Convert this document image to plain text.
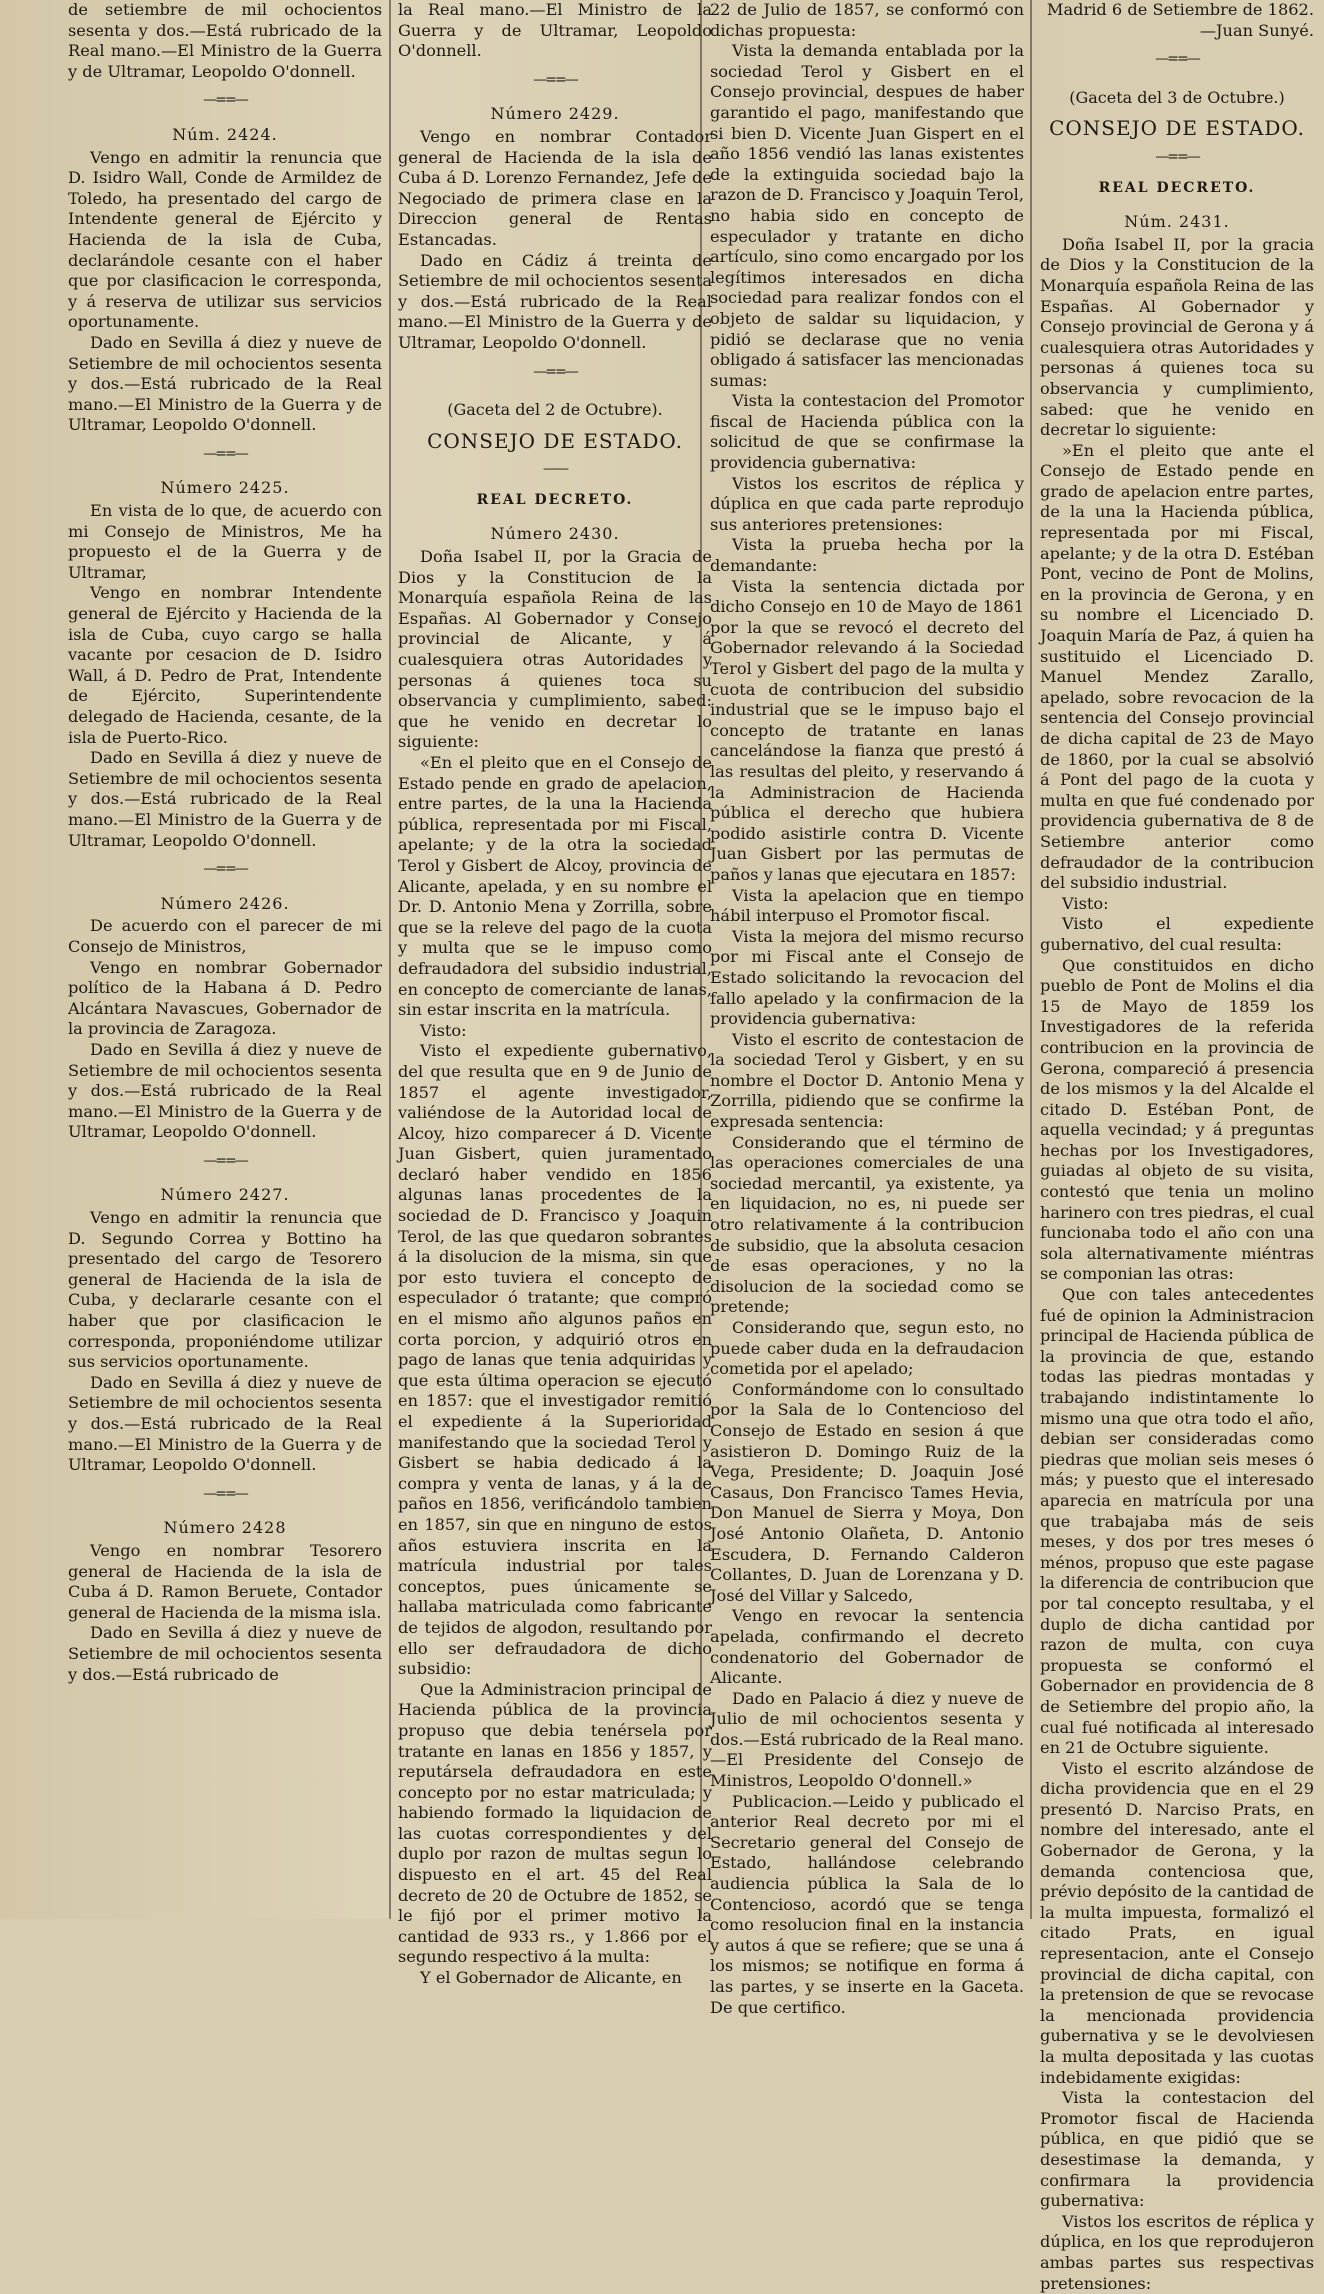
de setiembre de mil ochocientos sesenta y dos.—Está rubricado de la Real mano.—El Ministro de la Guerra y de Ultramar, Leopoldo O'donnell.

—==—
Núm. 2424.

Vengo en admitir la renuncia que D. Isidro Wall, Conde de Armildez de Toledo, ha presentado del cargo de Intendente general de Ejército y Hacienda de la isla de Cuba, declarándole cesante con el haber que por clasificacion le corresponda, y á reserva de utilizar sus servicios oportunamente.

Dado en Sevilla á diez y nueve de Setiembre de mil ochocientos sesenta y dos.—Está rubricado de la Real mano.—El Ministro de la Guerra y de Ultramar, Leopoldo O'donnell.

—==—
Número 2425.

En vista de lo que, de acuerdo con mi Consejo de Ministros, Me ha propuesto el de la Guerra y de Ultramar,

Vengo en nombrar Intendente general de Ejército y Hacienda de la isla de Cuba, cuyo cargo se halla vacante por cesacion de D. Isidro Wall, á D. Pedro de Prat, Intendente de Ejército, Superintendente delegado de Hacienda, cesante, de la isla de Puerto-Rico.

Dado en Sevilla á diez y nueve de Setiembre de mil ochocientos sesenta y dos.—Está rubricado de la Real mano.—El Ministro de la Guerra y de Ultramar, Leopoldo O'donnell.

—==—
Número 2426.

De acuerdo con el parecer de mi Consejo de Ministros,

Vengo en nombrar Gobernador político de la Habana á D. Pedro Alcántara Navascues, Gobernador de la provincia de Zaragoza.

Dado en Sevilla á diez y nueve de Setiembre de mil ochocientos sesenta y dos.—Está rubricado de la Real mano.—El Ministro de la Guerra y de Ultramar, Leopoldo O'donnell.

—==—
Número 2427.

Vengo en admitir la renuncia que D. Segundo Correa y Bottino ha presentado del cargo de Tesorero general de Hacienda de la isla de Cuba, y declararle cesante con el haber que por clasificacion le corresponda, proponiéndome utilizar sus servicios oportunamente.

Dado en Sevilla á diez y nueve de Setiembre de mil ochocientos sesenta y dos.—Está rubricado de la Real mano.—El Ministro de la Guerra y de Ultramar, Leopoldo O'donnell.

—==—
Número 2428

Vengo en nombrar Tesorero general de Hacienda de la isla de Cuba á D. Ramon Beruete, Contador general de Hacienda de la misma isla.

Dado en Sevilla á diez y nueve de Setiembre de mil ochocientos sesenta y dos.—Está rubricado de

la Real mano.—El Ministro de la Guerra y de Ultramar, Leopoldo O'donnell.

—==—
Número 2429.

Vengo en nombrar Contador general de Hacienda de la isla de Cuba á D. Lorenzo Fernandez, Jefe de Negociado de primera clase en la Direccion general de Rentas Estancadas.

Dado en Cádiz á treinta de Setiembre de mil ochocientos sesenta y dos.—Está rubricado de la Real mano.—El Ministro de la Guerra y de Ultramar, Leopoldo O'donnell.

—==—
(Gaceta del 2 de Octubre).
CONSEJO DE ESTADO.
——
REAL DECRETO.
Número 2430.

Doña Isabel II, por la Gracia de Dios y la Constitucion de la Monarquía española Reina de las Españas. Al Gobernador y Consejo provincial de Alicante, y á cualesquiera otras Autoridades y personas á quienes toca su observancia y cumplimiento, sabed: que he venido en decretar lo siguiente:

«En el pleito que en el Consejo de Estado pende en grado de apelacion, entre partes, de la una la Hacienda pública, representada por mi Fiscal, apelante; y de la otra la sociedad Terol y Gisbert de Alcoy, provincia de Alicante, apelada, y en su nombre el Dr. D. Antonio Mena y Zorrilla, sobre que se la releve del pago de la cuota y multa que se le impuso como defraudadora del subsidio industrial, en concepto de comerciante de lanas, sin estar inscrita en la matrícula.

Visto:

Visto el expediente gubernativo, del que resulta que en 9 de Junio de 1857 el agente investigador, valiéndose de la Autoridad local de Alcoy, hizo comparecer á D. Vicente Juan Gisbert, quien juramentado declaró haber vendido en 1856 algunas lanas procedentes de la sociedad de D. Francisco y Joaquin Terol, de las que quedaron sobrantes á la disolucion de la misma, sin que por esto tuviera el concepto de especulador ó tratante; que compró en el mismo año algunos paños en corta porcion, y adquirió otros en pago de lanas que tenia adquiridas y que esta última operacion se ejecutó en 1857: que el investigador remitió el expediente á la Superioridad manifestando que la sociedad Terol y Gisbert se habia dedicado á la compra y venta de lanas, y á la de paños en 1856, verificándolo tambien en 1857, sin que en ninguno de estos años estuviera inscrita en la matrícula industrial por tales conceptos, pues únicamente se hallaba matriculada como fabricante de tejidos de algodon, resultando por ello ser defraudadora de dicho subsidio:

Que la Administracion principal de Hacienda pública de la provincia propuso que debia tenérsela por tratante en lanas en 1856 y 1857, y reputársela defraudadora en este concepto por no estar matriculada; y habiendo formado la liquidacion de las cuotas correspondientes y del duplo por razon de multas segun lo dispuesto en el art. 45 del Real decreto de 20 de Octubre de 1852, se le fijó por el primer motivo la cantidad de 933 rs., y 1.866 por el segundo respectivo á la multa:

Y el Gobernador de Alicante, en

22 de Julio de 1857, se conformó con dichas propuesta:

Vista la demanda entablada por la sociedad Terol y Gisbert en el Consejo provincial, despues de haber garantido el pago, manifestando que si bien D. Vicente Juan Gispert en el año 1856 vendió las lanas existentes de la extinguida sociedad bajo la razon de D. Francisco y Joaquin Terol, no habia sido en concepto de especulador y tratante en dicho artículo, sino como encargado por los legítimos interesados en dicha sociedad para realizar fondos con el objeto de saldar su liquidacion, y pidió se declarase que no venia obligado á satisfacer las mencionadas sumas:

Vista la contestacion del Promotor fiscal de Hacienda pública con la solicitud de que se confirmase la providencia gubernativa:

Vistos los escritos de réplica y dúplica en que cada parte reprodujo sus anteriores pretensiones:

Vista la prueba hecha por la demandante:

Vista la sentencia dictada por dicho Consejo en 10 de Mayo de 1861 por la que se revocó el decreto del Gobernador relevando á la Sociedad Terol y Gisbert del pago de la multa y cuota de contribucion del subsidio industrial que se le impuso bajo el concepto de tratante en lanas cancelándose la fianza que prestó á las resultas del pleito, y reservando á la Administracion de Hacienda pública el derecho que hubiera podido asistirle contra D. Vicente Juan Gisbert por las permutas de paños y lanas que ejecutara en 1857:

Vista la apelacion que en tiempo hábil interpuso el Promotor fiscal.

Vista la mejora del mismo recurso por mi Fiscal ante el Consejo de Estado solicitando la revocacion del fallo apelado y la confirmacion de la providencia gubernativa:

Visto el escrito de contestacion de la sociedad Terol y Gisbert, y en su nombre el Doctor D. Antonio Mena y Zorrilla, pidiendo que se confirme la expresada sentencia:

Considerando que el término de las operaciones comerciales de una sociedad mercantil, ya existente, ya en liquidacion, no es, ni puede ser otro relativamente á la contribucion de subsidio, que la absoluta cesacion de esas operaciones, y no la disolucion de la sociedad como se pretende;

Considerando que, segun esto, no puede caber duda en la defraudacion cometida por el apelado;

Conformándome con lo consultado por la Sala de lo Contencioso del Consejo de Estado en sesion á que asistieron D. Domingo Ruiz de la Vega, Presidente; D. Joaquin José Casaus, Don Francisco Tames Hevia, Don Manuel de Sierra y Moya, Don José Antonio Olañeta, D. Antonio Escudera, D. Fernando Calderon Collantes, D. Juan de Lorenzana y D. José del Villar y Salcedo,

Vengo en revocar la sentencia apelada, confirmando el decreto condenatorio del Gobernador de Alicante.

Dado en Palacio á diez y nueve de Julio de mil ochocientos sesenta y dos.—Está rubricado de la Real mano.—El Presidente del Consejo de Ministros, Leopoldo O'donnell.»

Publicacion.—Leido y publicado el anterior Real decreto por mi el Secretario general del Consejo de Estado, hallándose celebrando audiencia pública la Sala de lo Contencioso, acordó que se tenga como resolucion final en la instancia y autos á que se refiere; que se una á los mismos; se notifique en forma á las partes, y se inserte en la Gaceta. De que certifico.

Madrid 6 de Setiembre de 1862.—Juan Sunyé.

—==—
(Gaceta del 3 de Octubre.)
CONSEJO DE ESTADO.
—==—
REAL DECRETO.
Núm. 2431.

Doña Isabel II, por la gracia de Dios y la Constitucion de la Monarquía española Reina de las Españas. Al Gobernador y Consejo provincial de Gerona y á cualesquiera otras Autoridades y personas á quienes toca su observancia y cumplimiento, sabed: que he venido en decretar lo siguiente:

»En el pleito que ante el Consejo de Estado pende en grado de apelacion entre partes, de la una la Hacienda pública, representada por mi Fiscal, apelante; y de la otra D. Estéban Pont, vecino de Pont de Molins, en la provincia de Gerona, y en su nombre el Licenciado D. Joaquin María de Paz, á quien ha sustituido el Licenciado D. Manuel Mendez Zarallo, apelado, sobre revocacion de la sentencia del Consejo provincial de dicha capital de 23 de Mayo de 1860, por la cual se absolvió á Pont del pago de la cuota y multa en que fué condenado por providencia gubernativa de 8 de Setiembre anterior como defraudador de la contribucion del subsidio industrial.

Visto:

Visto el expediente gubernativo, del cual resulta:

Que constituidos en dicho pueblo de Pont de Molins el dia 15 de Mayo de 1859 los Investigadores de la referida contribucion en la provincia de Gerona, compareció á presencia de los mismos y la del Alcalde el citado D. Estéban Pont, de aquella vecindad; y á preguntas hechas por los Investigadores, guiadas al objeto de su visita, contestó que tenia un molino harinero con tres piedras, el cual funcionaba todo el año con una sola alternativamente miéntras se componian las otras:

Que con tales antecedentes fué de opinion la Administracion principal de Hacienda pública de la provincia de que, estando todas las piedras montadas y trabajando indistintamente lo mismo una que otra todo el año, debian ser consideradas como piedras que molian seis meses ó más; y puesto que el interesado aparecia en matrícula por una que trabajaba más de seis meses, y dos por tres meses ó ménos, propuso que este pagase la diferencia de contribucion que por tal concepto resultaba, y el duplo de dicha cantidad por razon de multa, con cuya propuesta se conformó el Gobernador en providencia de 8 de Setiembre del propio año, la cual fué notificada al interesado en 21 de Octubre siguiente.

Visto el escrito alzándose de dicha providencia que en el 29 presentó D. Narciso Prats, en nombre del interesado, ante el Gobernador de Gerona, y la demanda contenciosa que, prévio depósito de la cantidad de la multa impuesta, formalizó el citado Prats, en igual representacion, ante el Consejo provincial de dicha capital, con la pretension de que se revocase la mencionada providencia gubernativa y se le devolviesen la multa depositada y las cuotas indebidamente exigidas:

Vista la contestacion del Promotor fiscal de Hacienda pública, en que pidió que se desestimase la demanda, y confirmara la providencia gubernativa:

Vistos los escritos de réplica y dúplica, en los que reprodujeron ambas partes sus respectivas pretensiones:
